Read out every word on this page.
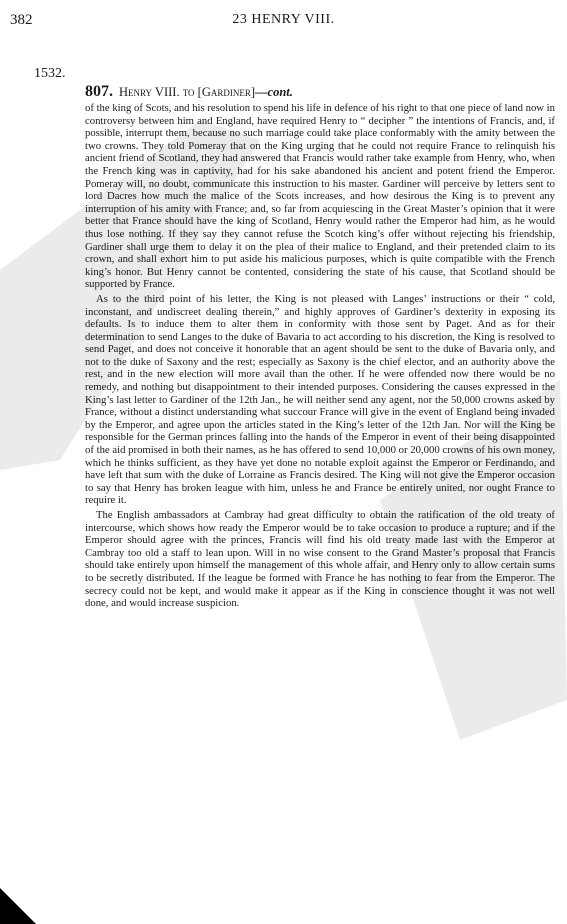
382	23 HENRY VIII.
1532.
807. Henry VIII. to [Gardiner]—cont.

of the king of Scots, and his resolution to spend his life in defence of his right to that one piece of land now in controversy between him and England, have required Henry to “ decipher ” the intentions of Francis, and, if possible, interrupt them, because no such marriage could take place conformably with the amity between the two crowns. They told Pomeray that on the King urging that he could not require France to relinquish his ancient friend of Scotland, they had answered that Francis would rather take example from Henry, who, when the French king was in captivity, had for his sake abandoned his ancient and potent friend the Emperor. Pomeray will, no doubt, communicate this instruction to his master. Gardiner will perceive by letters sent to lord Dacres how much the malice of the Scots increases, and how desirous the King is to prevent any interruption of his amity with France; and, so far from acquiescing in the Great Master’s opinion that it were better that France should have the king of Scotland, Henry would rather the Emperor had him, as he would thus lose nothing. If they say they cannot refuse the Scotch king’s offer without rejecting his friendship, Gardiner shall urge them to delay it on the plea of their malice to England, and their pretended claim to its crown, and shall exhort him to put aside his malicious purposes, which is quite compatible with the French king’s honor. But Henry cannot be contented, considering the state of his cause, that Scotland should be supported by France.

As to the third point of his letter, the King is not pleased with Langes’ instructions or their “ cold, inconstant, and undiscreet dealing therein,” and highly approves of Gardiner’s dexterity in exposing its defaults. Is to induce them to alter them in conformity with those sent by Paget. And as for their determination to send Langes to the duke of Bavaria to act according to his discretion, the King is resolved to send Paget, and does not conceive it honorable that an agent should be sent to the duke of Bavaria only, and not to the duke of Saxony and the rest; especially as Saxony is the chief elector, and an authority above the rest, and in the new election will more avail than the other. If he were offended now there would be no remedy, and nothing but disappointment to their intended purposes. Considering the causes expressed in the King’s last letter to Gardiner of the 12th Jan., he will neither send any agent, nor the 50,000 crowns asked by France, without a distinct understanding what succour France will give in the event of England being invaded by the Emperor, and agree upon the articles stated in the King’s letter of the 12th Jan. Nor will the King be responsible for the German princes falling into the hands of the Emperor in event of their being disappointed of the aid promised in both their names, as he has offered to send 10,000 or 20,000 crowns of his own money, which he thinks sufficient, as they have yet done no notable exploit against the Emperor or Ferdinando, and have left that sum with the duke of Lorraine as Francis desired. The King will not give the Emperor occasion to say that Henry has broken league with him, unless he and France be entirely united, nor ought France to require it.

The English ambassadors at Cambray had great difficulty to obtain the ratification of the old treaty of intercourse, which shows how ready the Emperor would be to take occasion to produce a rupture; and if the Emperor should agree with the princes, Francis will find his old treaty made last with the Emperor at Cambray too old a staff to lean upon. Will in no wise consent to the Grand Master’s proposal that Francis should take entirely upon himself the management of this whole affair, and Henry only to allow certain sums to be secretly distributed. If the league be formed with France he has nothing to fear from the Emperor. The secrecy could not be kept, and would make it appear as if the King in conscience thought it was not well done, and would increase suspicion.
